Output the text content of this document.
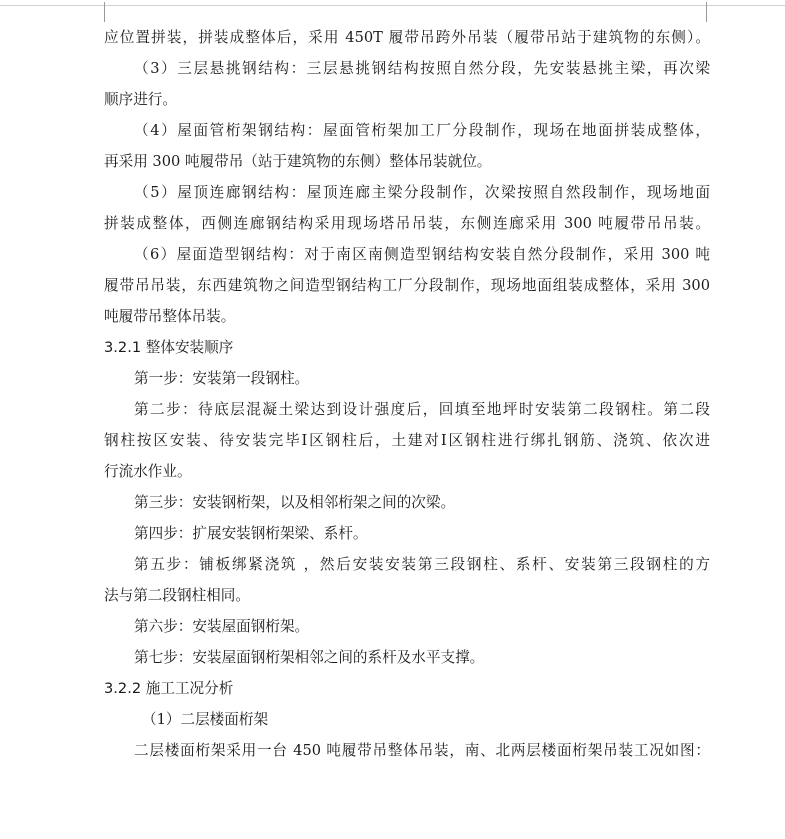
应位置拼装，拼装成整体后，采用 450T 履带吊跨外吊装（履带吊站于建筑物的东侧）。
（3）三层悬挑钢结构：三层悬挑钢结构按照自然分段，先安装悬挑主梁，再次梁
顺序进行。
（4）屋面管桁架钢结构：屋面管桁架加工厂分段制作，现场在地面拼装成整体，
再采用 300 吨履带吊（站于建筑物的东侧）整体吊装就位。
（5）屋顶连廊钢结构：屋顶连廊主梁分段制作，次梁按照自然段制作，现场地面
拼装成整体，西侧连廊钢结构采用现场塔吊吊装，东侧连廊采用 300 吨履带吊吊装。
（6）屋面造型钢结构：对于南区南侧造型钢结构安装自然分段制作，采用 300 吨
履带吊吊装，东西建筑物之间造型钢结构工厂分段制作，现场地面组装成整体，采用 300
吨履带吊整体吊装。
3.2.1 整体安装顺序
第一步：安装第一段钢柱。
第二步：待底层混凝土梁达到设计强度后，回填至地坪时安装第二段钢柱。第二段
钢柱按区安装、待安装完毕Ⅰ区钢柱后，土建对Ⅰ区钢柱进行绑扎钢筋、浇筑、依次进
行流水作业。
第三步：安装钢桁架，以及相邻桁架之间的次梁。
第四步：扩展安装钢桁架梁、系杆。
第五步：铺板绑紧浇筑 ，然后安装安装第三段钢柱、系杆、安装第三段钢柱的方
法与第二段钢柱相同。
第六步：安装屋面钢桁架。
第七步：安装屋面钢桁架相邻之间的系杆及水平支撑。
3.2.2 施工工况分析
（1）二层楼面桁架
二层楼面桁架采用一台 450 吨履带吊整体吊装，南、北两层楼面桁架吊装工况如图：
